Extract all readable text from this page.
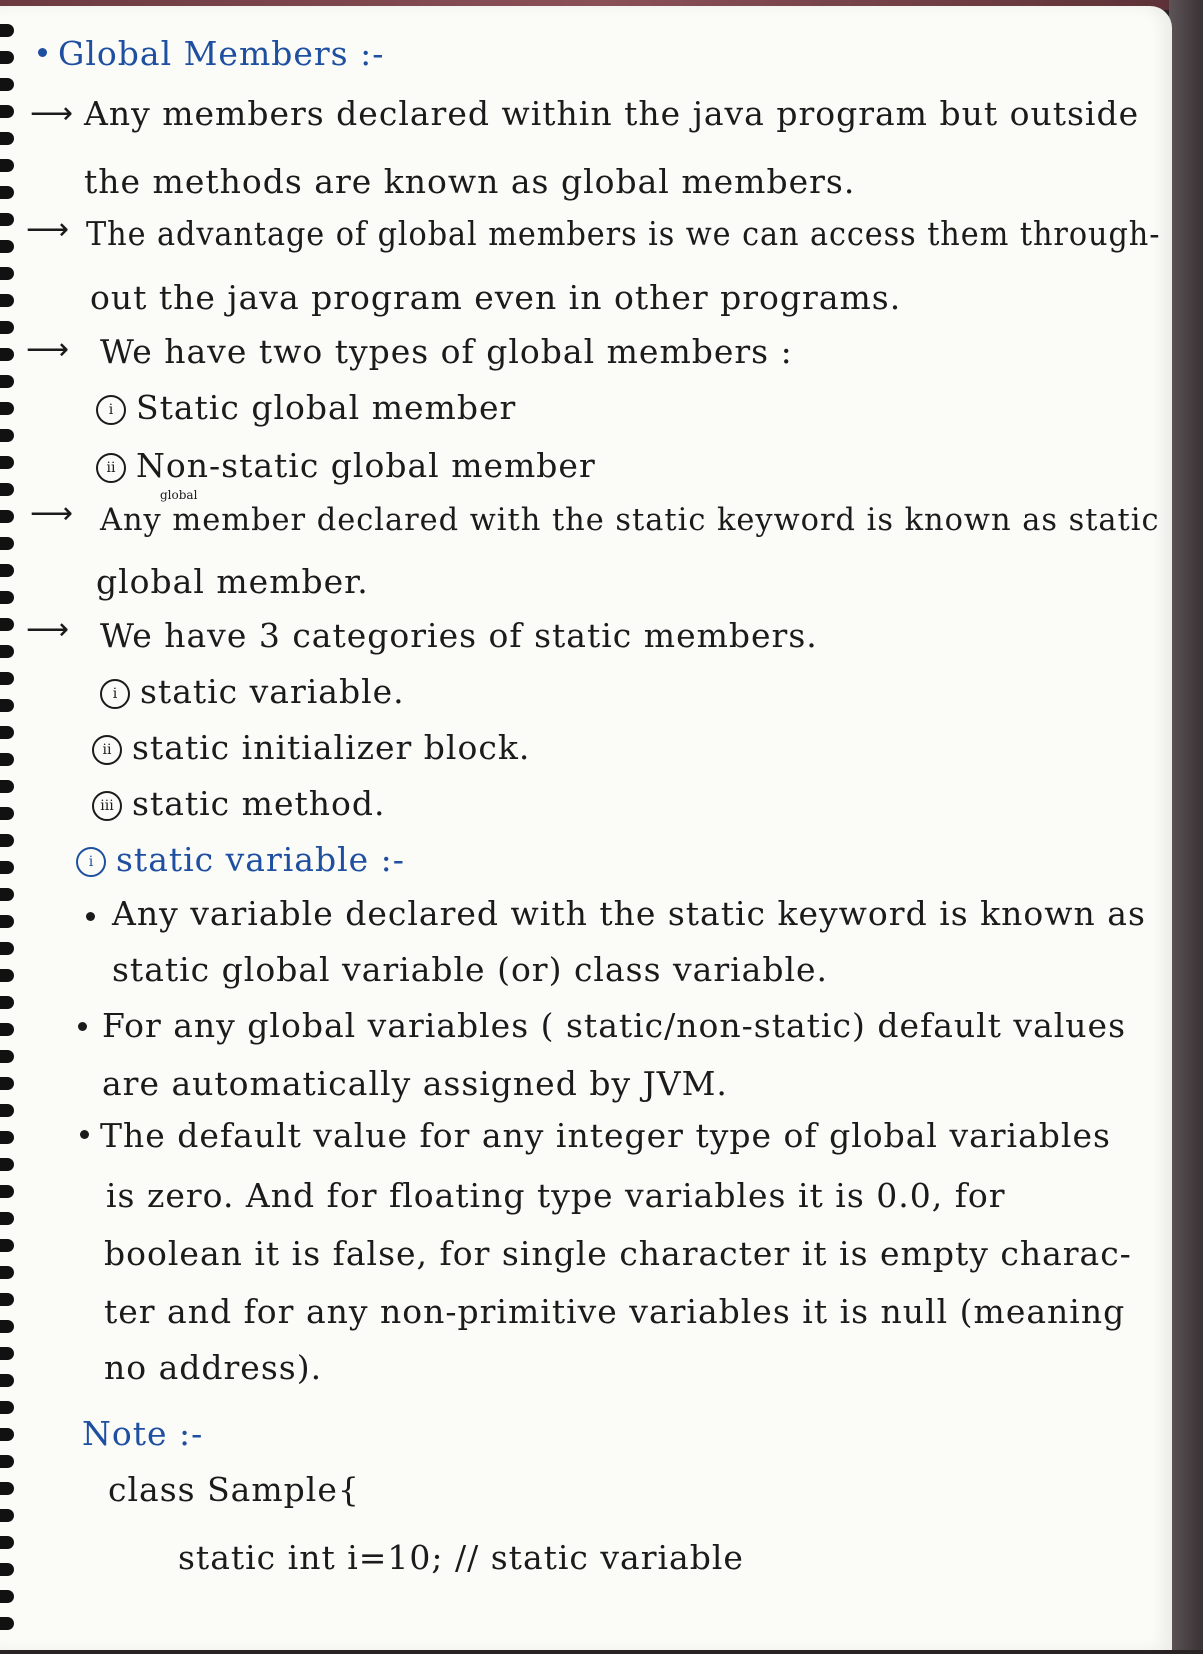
Global Members :-
⟶ Any members declared within the java program but outside
the methods are known as global members.
⟶ The advantage of global members is we can access them through-
out the java program even in other programs.
⟶ We have two types of global members :
i Static global member
ii Non-static global member
⟶
global
Any member declared with the static keyword is known as static
global member.
⟶ We have 3 categories of static members.
i static variable.
ii static initializer block.
iii static method.
i static variable :-
Any variable declared with the static keyword is known as
static global variable (or) class variable.
For any global variables ( static/non-static) default values
are automatically assigned by JVM.
The default value for any integer type of global variables
is zero. And for floating type variables it is 0.0, for
boolean it is false, for single character it is empty charac-
ter and for any non-primitive variables it is null (meaning
no address).
Note :-
class Sample{
static int i=10; // static variable
